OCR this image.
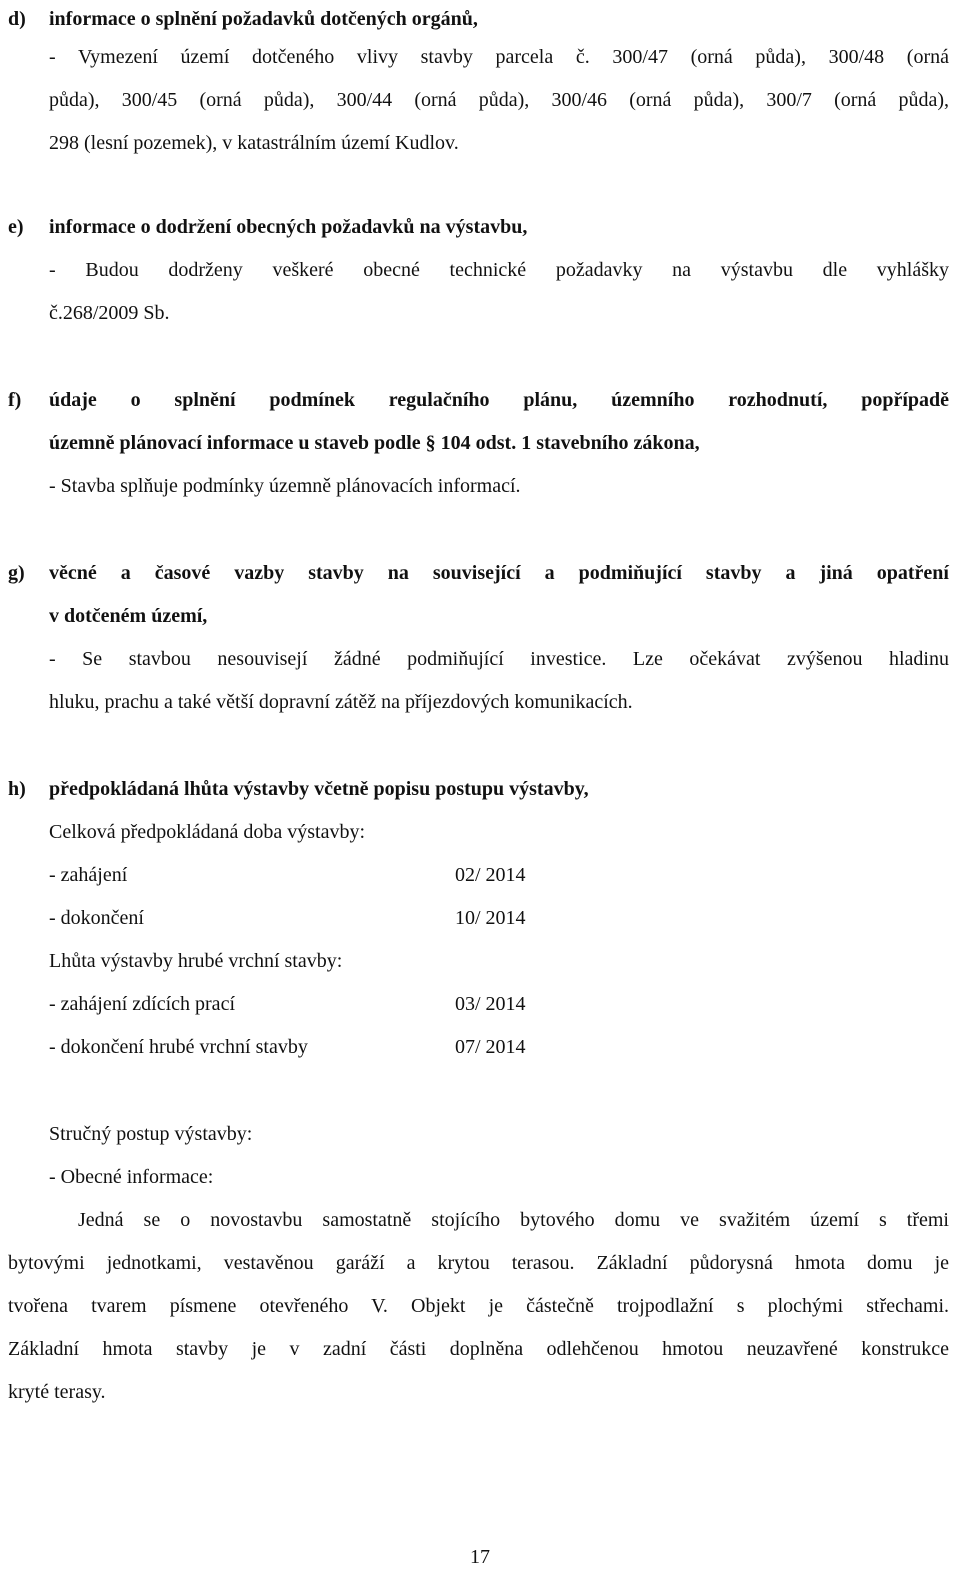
d) informace o splnění požadavků dotčených orgánů,
- Vymezení území dotčeného vlivy stavby parcela č. 300/47 (orná půda), 300/48 (orná
půda), 300/45 (orná půda), 300/44 (orná půda), 300/46 (orná půda), 300/7 (orná půda),
298 (lesní pozemek), v katastrálním území Kudlov.
e) informace o dodržení obecných požadavků na výstavbu,
- Budou dodrženy veškeré obecné technické požadavky na výstavbu dle vyhlášky
č.268/2009 Sb.
f) údaje o splnění podmínek regulačního plánu, územního rozhodnutí, popřípadě
územně plánovací informace u staveb podle § 104 odst. 1 stavebního zákona,
- Stavba splňuje podmínky územně plánovacích informací.
g) věcné a časové vazby stavby na související a podmiňující stavby a jiná opatření
v dotčeném území,
- Se stavbou nesouvisejí žádné podmiňující investice. Lze očekávat zvýšenou hladinu
hluku, prachu a také větší dopravní zátěž na příjezdových komunikacích.
h) předpokládaná lhůta výstavby včetně popisu postupu výstavby,
Celková předpokládaná doba výstavby:
- zahájení	02/ 2014
- dokončení	10/ 2014
Lhůta výstavby hrubé vrchní stavby:
- zahájení zdících prací	03/ 2014
- dokončení hrubé vrchní stavby	07/ 2014
Stručný postup výstavby:
- Obecné informace:
Jedná se o novostavbu samostatně stojícího bytového domu ve svažitém území s třemi
bytovými jednotkami, vestavěnou garáží a krytou terasou. Základní půdorysná hmota domu je
tvořena tvarem písmene otevřeného V. Objekt je částečně trojpodlažní s plochými střechami.
Základní hmota stavby je v zadní části doplněna odlehčenou hmotou neuzavřené konstrukce
kryté terasy.
17
